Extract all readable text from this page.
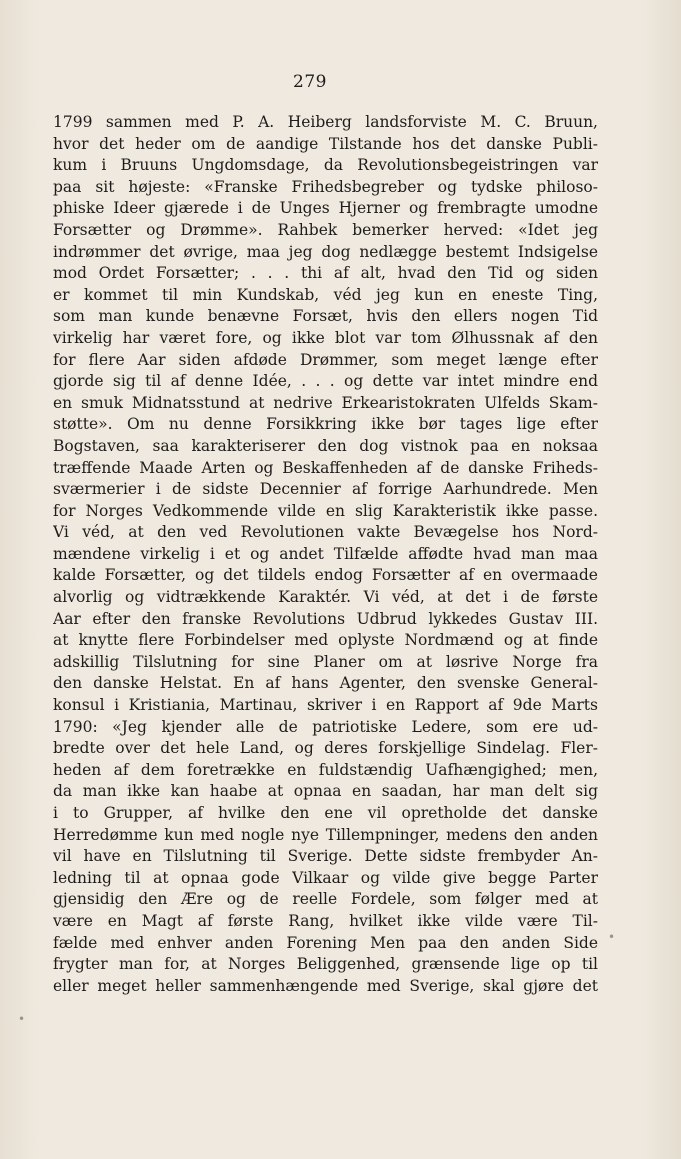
279
1799 sammen med P. A. Heiberg landsforviste M. C. Bruun,
hvor det heder om de aandige Tilstande hos det danske Publi-
kum i Bruuns Ungdomsdage, da Revolutionsbegeistringen var
paa sit højeste: «Franske Frihedsbegreber og tydske philoso-
phiske Ideer gjærede i de Unges Hjerner og frembragte umodne
Forsætter og Drømme». Rahbek bemerker herved: «Idet jeg
indrømmer det øvrige, maa jeg dog nedlægge bestemt Indsigelse
mod Ordet Forsætter; . . . thi af alt, hvad den Tid og siden
er kommet til min Kundskab, véd jeg kun en eneste Ting,
som man kunde benævne Forsæt, hvis den ellers nogen Tid
virkelig har været fore, og ikke blot var tom Ølhussnak af den
for flere Aar siden afdøde Drømmer, som meget længe efter
gjorde sig til af denne Idée, . . . og dette var intet mindre end
en smuk Midnatsstund at nedrive Erkearistokraten Ulfelds Skam-
støtte». Om nu denne Forsikkring ikke bør tages lige efter
Bogstaven, saa karakteriserer den dog vistnok paa en noksaa
træffende Maade Arten og Beskaffenheden af de danske Friheds-
sværmerier i de sidste Decennier af forrige Aarhundrede. Men
for Norges Vedkommende vilde en slig Karakteristik ikke passe.
Vi véd, at den ved Revolutionen vakte Bevægelse hos Nord-
mændene virkelig i et og andet Tilfælde affødte hvad man maa
kalde Forsætter, og det tildels endog Forsætter af en overmaade
alvorlig og vidtrækkende Karaktér. Vi véd, at det i de første
Aar efter den franske Revolutions Udbrud lykkedes Gustav III.
at knytte flere Forbindelser med oplyste Nordmænd og at finde
adskillig Tilslutning for sine Planer om at løsrive Norge fra
den danske Helstat. En af hans Agenter, den svenske General-
konsul i Kristiania, Martinau, skriver i en Rapport af 9de Marts
1790: «Jeg kjender alle de patriotiske Ledere, som ere ud-
bredte over det hele Land, og deres forskjellige Sindelag. Fler-
heden af dem foretrække en fuldstændig Uafhængighed; men,
da man ikke kan haabe at opnaa en saadan, har man delt sig
i to Grupper, af hvilke den ene vil opretholde det danske
Herredømme kun med nogle nye Tillempninger, medens den anden
vil have en Tilslutning til Sverige. Dette sidste frembyder An-
ledning til at opnaa gode Vilkaar og vilde give begge Parter
gjensidig den Ære og de reelle Fordele, som følger med at
være en Magt af første Rang, hvilket ikke vilde være Til-
fælde med enhver anden Forening Men paa den anden Side
frygter man for, at Norges Beliggenhed, grænsende lige op til
eller meget heller sammenhængende med Sverige, skal gjøre det
•
•
